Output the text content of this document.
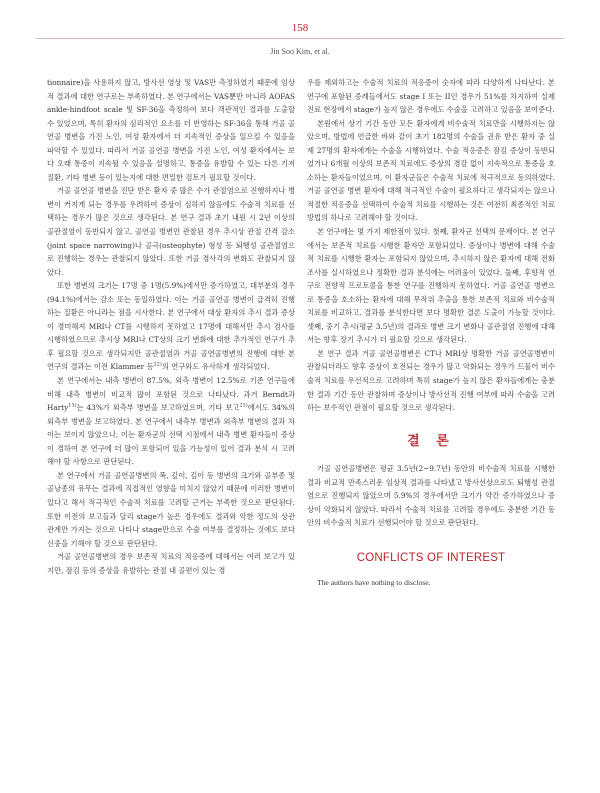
158
Jin Soo Kim, et al.

tionnaire)을 사용하지 않고, 방사선 영상 및 VAS만 측정하였기 때문에 임상적 결과에 대한 연구로는 부족하였다. 본 연구에서는 VAS뿐만 아니라 AOFAS ankle-hindfoot scale 및 SF-36을 측정하여 보다 객관적인 결과를 도출할 수 있었으며, 특히 환자의 심리적인 요소를 더 반영하는 SF-36을 통해 거골 골연골 병변을 가진 노인, 여성 환자에서 더 지속적인 증상을 일으킬 수 있음을 파악할 수 있었다. 따라서 거골 골연골 병변을 가진 노인, 여성 환자에서는 보다 오래 통증이 지속될 수 있음을 설명하고, 통증을 유발할 수 있는 다른 기저 질환, 기타 병변 등이 있는지에 대한 면밀한 검토가 필요할 것이다.

거골 골연골 병변을 진단 받은 환자 중 많은 수가 관절염으로 진행하지나 병변이 커지게 되는 경우를 우려하여 증상이 심하지 않음에도 수술적 치료를 선택하는 경우가 많은 것으로 생각된다. 본 연구 결과 초기 내원 시 2년 이상의 골관절염이 동반되지 않고, 골연골 병변만 관찰된 경우 추시상 관절 간격 감소(joint space narrowing)나 골극(osteophyte) 형성 등 퇴행성 골관절염으로 진행하는 경우는 관찰되지 않았다. 또한 거골 경사각의 변화도 관찰되지 않았다.

또한 병변의 크기는 17명 중 1명(5.9%)에서만 증가하였고, 대부분의 경우(94.1%)에서는 감소 또는 동일하였다. 이는 거골 골연골 병변이 급격히 진행하는 질환은 아니라는 점을 시사한다. 본 연구에서 대상 환자의 추시 결과 증상이 경미해져 MRI나 CT를 시행하지 못하였고 17명에 대해서만 추시 검사를 시행하였으므로 추시상 MRI나 CT상의 크기 변화에 대한 추가적인 연구가 추후 필요할 것으로 생각되지만 골관절염과 거골 골연골병변의 진행에 대한 본 연구의 결과는 이전 Klammer 등$^{22)}$의 연구와도 유사하게 생각되었다.

본 연구에서는 내측 병변이 87.5%, 외측 병변이 12.5%로 기존 연구들에 비해 내측 병변이 비교적 많이 포함된 것으로 나타났다. 과거 Berndt과 Harty$^{13)}$는 43%가 외측부 병변을 보고하였으며, 기타 보고$^{21)}$에서도 34%의 외측부 병변을 보고하였다. 본 연구에서 내측부 병변과 외측부 병변의 결과 차이는 보이지 않았으나, 이는 환자군의 선택 시점에서 내측 병변 환자들이 증상이 경하여 본 연구에 더 많이 포함되어 있을 가능성이 있어 결과 분석 시 고려해야 할 사항으로 판단된다.

본 연구에서 거골 골연골병변의 폭, 깊이, 깊이 등 병변의 크기와 골부종 및 골낭종의 유무는 결과에 직접적인 영향을 미치지 않았기 때문에 이러한 병변이 있다고 해서 적극적인 수술적 치료를 고려할 근거는 부족한 것으로 판단된다. 또한 이전의 보고들과 달리 stage가 높은 경우에도 결과와 악한 정도의 상관 관계만 가지는 것으로 나타나 stage만으로 수술 여부를 결정하는 것에도 보다 신중을 기해야 할 것으로 판단된다.

거골 골연골병변의 경우 보존적 치료의 적응증에 대해서는 여러 보고가 있지만, 잠김 등의 증상을 유발하는 관절 내 골편이 있는 경

우를 제외하고는 수술적 치료의 적응증이 숫자에 따라 다양하게 나타난다. 본 연구에 포함된 증례들에서도 stage I 또는 II인 경우가 51%를 차지하여 실제 진료 현장에서 stage가 높지 않은 경우에도 수술을 고려하고 있음을 보여준다.

본원에서 상기 기간 동안 모든 환자에게 비수술적 치료만을 시행하지는 않았으며, 방법에 언급한 바와 같이 초기 182명의 수술을 권유 받은 환자 중 실제 27명의 환자에게는 수술을 시행하였다. 수술 적응증은 잠김 증상이 동반되었거나 6개월 이상의 보존적 치료에도 증상의 경감 없이 지속적으로 통증을 호소하는 환자들이었으며, 이 환자군들은 수술적 치료에 적극적으로 동의하였다. 거골 골연골 병변 환자에 대해 적극적인 수술이 필요하다고 생각되지는 않으나 적절한 적응증을 선택하여 수술적 치료를 시행하는 것은 여전히 최종적인 치료 방법의 하나로 고려해야 할 것이다.

본 연구에는 몇 가지 제한점이 있다. 첫째, 환자군 선택의 문제이다. 본 연구에서는 보존적 치료를 시행한 환자만 포함되었다. 증상이나 병변에 대해 수술적 치료를 시행한 환자는 포함되지 않았으며, 추시하지 않은 환자에 대해 전화 조사를 실시하였으나 정확한 결과 분석에는 어려움이 있었다. 둘째, 후향적 연구로 전향적 프로토콜을 통한 연구를 진행하지 못하였다. 거골 골연골 병변으로 통증을 호소하는 환자에 대해 무작위 추출을 통한 보존적 치료와 비수술적 치료를 비교하고, 결과를 분석한다면 보다 명확한 결론 도출이 가능할 것이다. 셋째, 중기 추시(평균 3.5년)의 결과로 병변 크기 변화나 골관절염 진행에 대해서는 향후 장기 추시가 더 필요할 것으로 생각된다.

본 연구 결과 거골 골연골병변은 CT나 MRI상 명확한 거골 골연골병변이 관찰되더라도 향후 증상이 호전되는 경우가 많고 악화되는 경우가 드물어 비수술적 치료를 우선적으로 고려하며 특히 stage가 높지 않은 환자들에게는 충분한 결과 기간 동안 관찰하며 증상이나 방사선적 진행 여부에 따라 수술을 고려하는 보수적인 관점이 필요할 것으로 생각된다.

결 론

거골 골연골병변은 평균 3.5년(2~9.7년) 동안의 비수술적 치료를 시행한 결과 비교적 만족스러운 임상적 결과를 나타냈고 방사선상으로도 퇴행성 관절염으로 진행되지 않았으며 5.9%의 경우에서만 크기가 약간 증가하였으나 증상이 악화되지 않았다. 따라서 수술적 치료를 고려할 경우에도 충분한 기간 동안의 비수술적 치료가 선행되어야 할 것으로 판단된다.

CONFLICTS OF INTEREST

The authors have nothing to disclose.
